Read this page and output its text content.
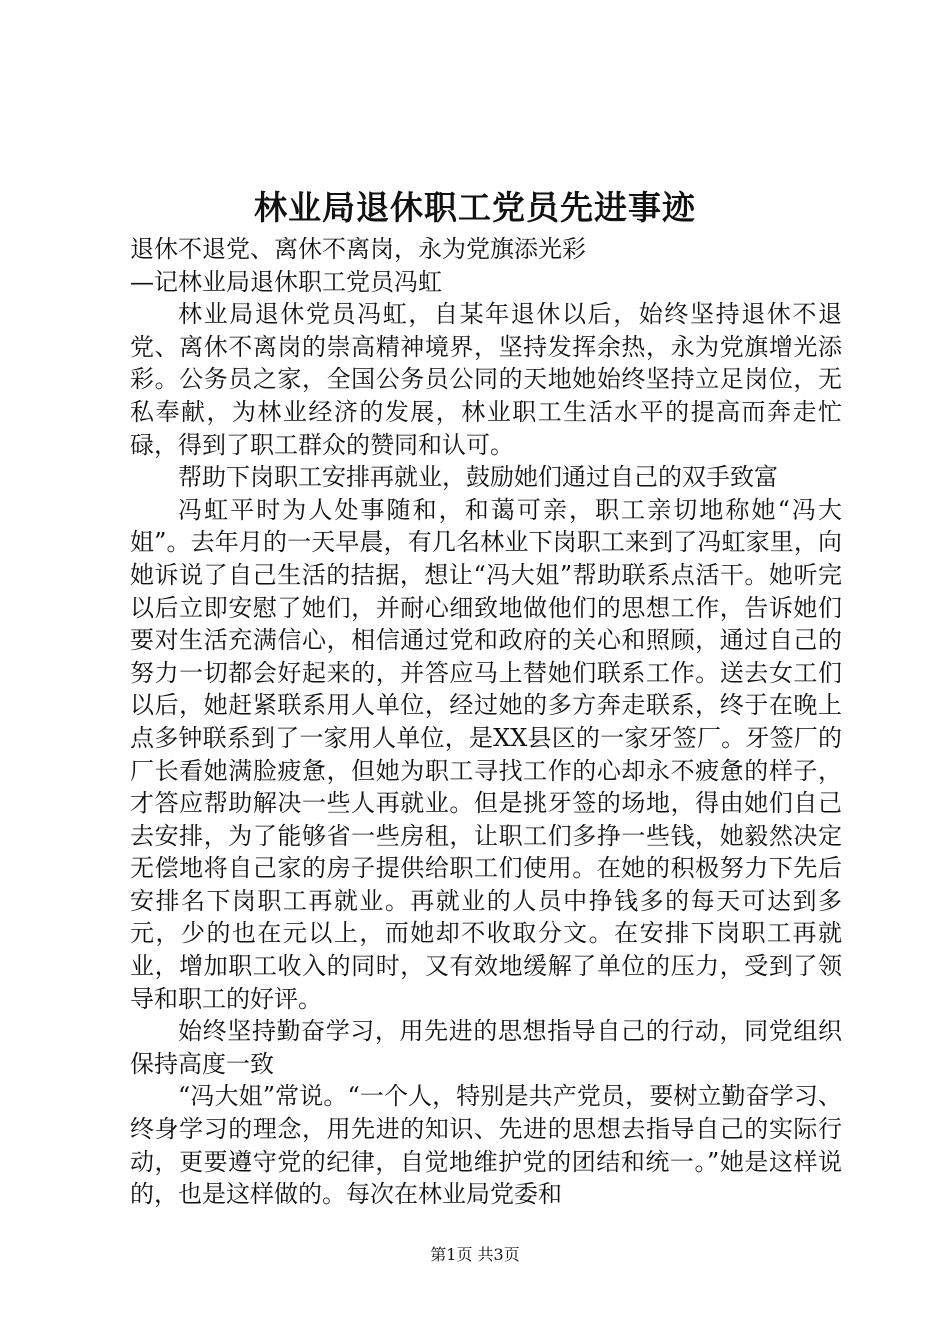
林业局退休职工党员先进事迹

退休不退党、离休不离岗，永为党旗添光彩

—记林业局退休职工党员冯虹

林业局退休党员冯虹，自某年退休以后，始终坚持退休不退党、离休不离岗的崇高精神境界，坚持发挥余热，永为党旗增光添彩。公务员之家，全国公务员公同的天地她始终坚持立足岗位，无私奉献，为林业经济的发展，林业职工生活水平的提高而奔走忙碌，得到了职工群众的赞同和认可。

帮助下岗职工安排再就业，鼓励她们通过自己的双手致富

冯虹平时为人处事随和，和蔼可亲，职工亲切地称她“冯大姐”。去年月的一天早晨，有几名林业下岗职工来到了冯虹家里，向她诉说了自己生活的拮据，想让“冯大姐”帮助联系点活干。她听完以后立即安慰了她们，并耐心细致地做他们的思想工作，告诉她们要对生活充满信心，相信通过党和政府的关心和照顾，通过自己的努力一切都会好起来的，并答应马上替她们联系工作。送去女工们以后，她赶紧联系用人单位，经过她的多方奔走联系，终于在晚上点多钟联系到了一家用人单位，是XX县区的一家牙签厂。牙签厂的厂长看她满脸疲惫，但她为职工寻找工作的心却永不疲惫的样子，才答应帮助解决一些人再就业。但是挑牙签的场地，得由她们自己去安排，为了能够省一些房租，让职工们多挣一些钱，她毅然决定无偿地将自己家的房子提供给职工们使用。在她的积极努力下先后安排名下岗职工再就业。再就业的人员中挣钱多的每天可达到多元，少的也在元以上，而她却不收取分文。在安排下岗职工再就业，增加职工收入的同时，又有效地缓解了单位的压力，受到了领导和职工的好评。

始终坚持勤奋学习，用先进的思想指导自己的行动，同党组织保持高度一致

“冯大姐”常说。“一个人，特别是共产党员，要树立勤奋学习、终身学习的理念，用先进的知识、先进的思想去指导自己的实际行动，更要遵守党的纪律，自觉地维护党的团结和统一。”她是这样说的，也是这样做的。每次在林业局党委和

第1页 共3页
